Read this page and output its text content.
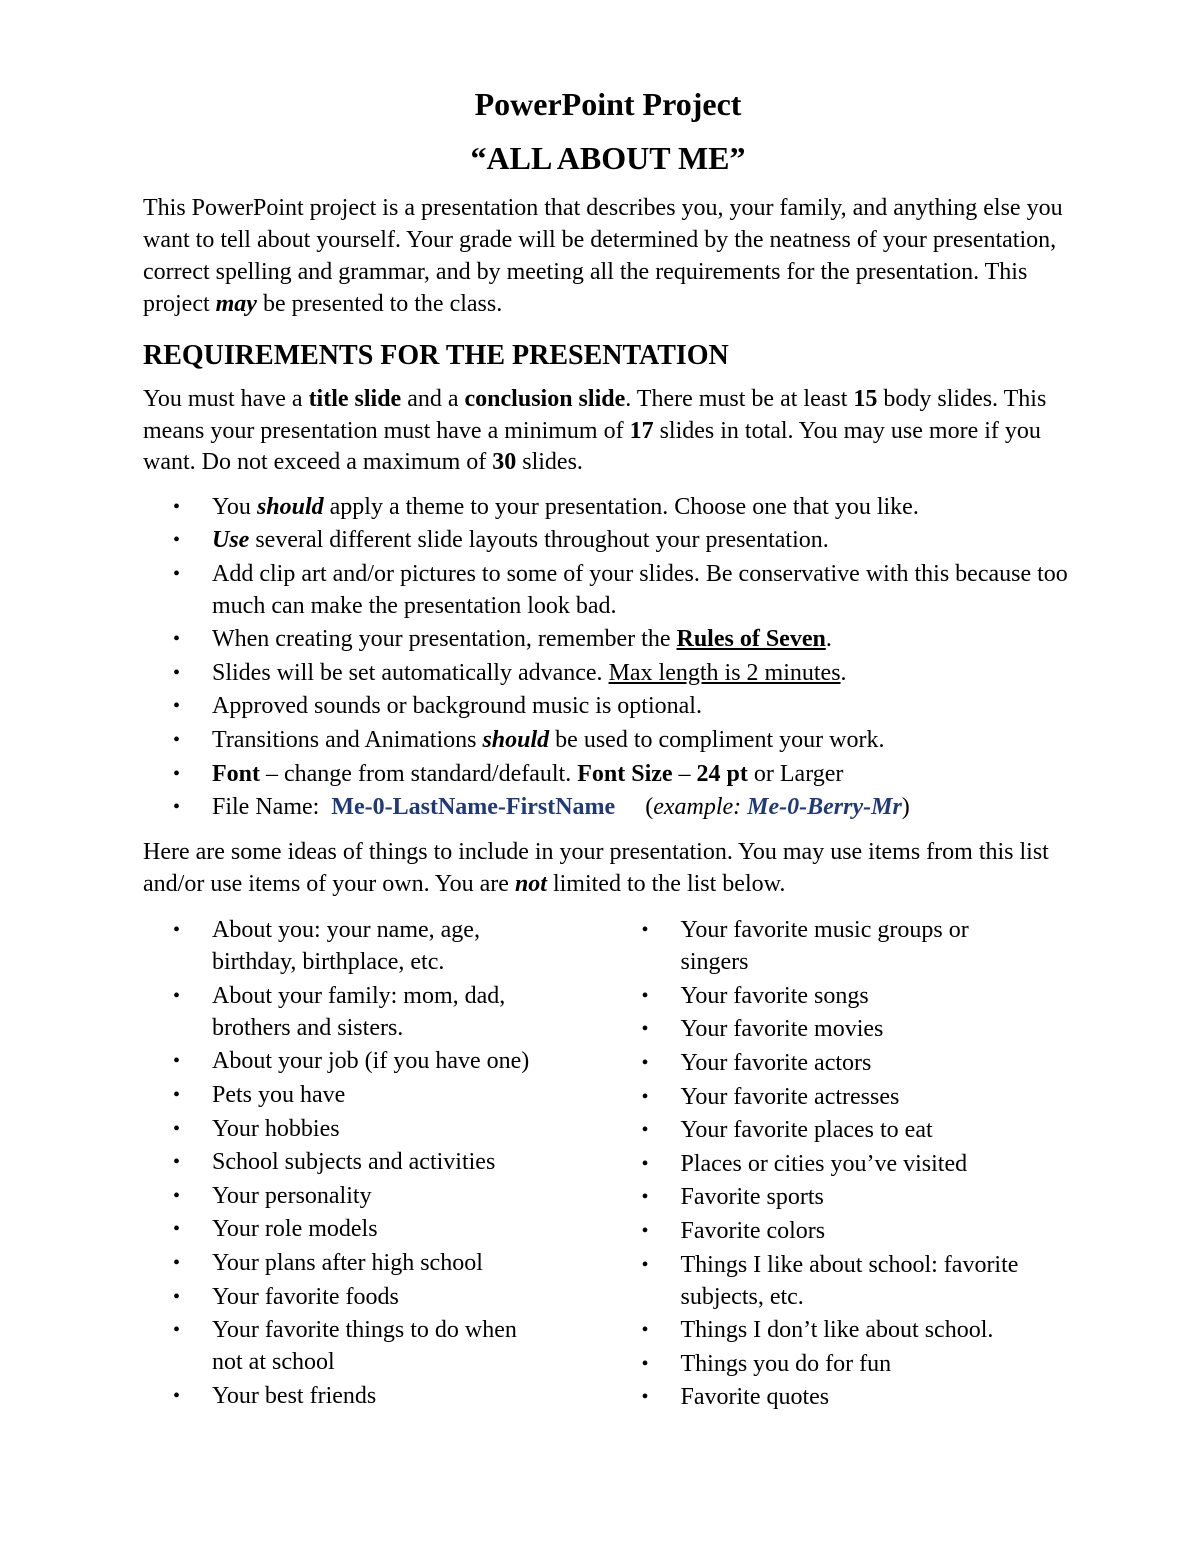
PowerPoint Project
“ALL ABOUT ME”

This PowerPoint project is a presentation that describes you, your family, and anything else you want to tell about yourself. Your grade will be determined by the neatness of your presentation, correct spelling and grammar, and by meeting all the requirements for the presentation. This project may be presented to the class.

REQUIREMENTS FOR THE PRESENTATION

You must have a title slide and a conclusion slide. There must be at least 15 body slides. This means your presentation must have a minimum of 17 slides in total. You may use more if you want. Do not exceed a maximum of 30 slides.

• You should apply a theme to your presentation. Choose one that you like.
• Use several different slide layouts throughout your presentation.
• Add clip art and/or pictures to some of your slides. Be conservative with this because too much can make the presentation look bad.
• When creating your presentation, remember the Rules of Seven.
• Slides will be set automatically advance. Max length is 2 minutes.
• Approved sounds or background music is optional.
• Transitions and Animations should be used to compliment your work.
• Font – change from standard/default. Font Size – 24 pt or Larger
• File Name:  Me-0-LastName-FirstName     (example: Me-0-Berry-Mr)

Here are some ideas of things to include in your presentation. You may use items from this list and/or use items of your own. You are not limited to the list below.

• About you: your name, age, birthday, birthplace, etc.
• About your family: mom, dad, brothers and sisters.
• About your job (if you have one)
• Pets you have
• Your hobbies
• School subjects and activities
• Your personality
• Your role models
• Your plans after high school
• Your favorite foods
• Your favorite things to do when not at school
• Your best friends
• Your favorite music groups or singers
• Your favorite songs
• Your favorite movies
• Your favorite actors
• Your favorite actresses
• Your favorite places to eat
• Places or cities you’ve visited
• Favorite sports
• Favorite colors
• Things I like about school: favorite subjects, etc.
• Things I don’t like about school.
• Things you do for fun
• Favorite quotes
